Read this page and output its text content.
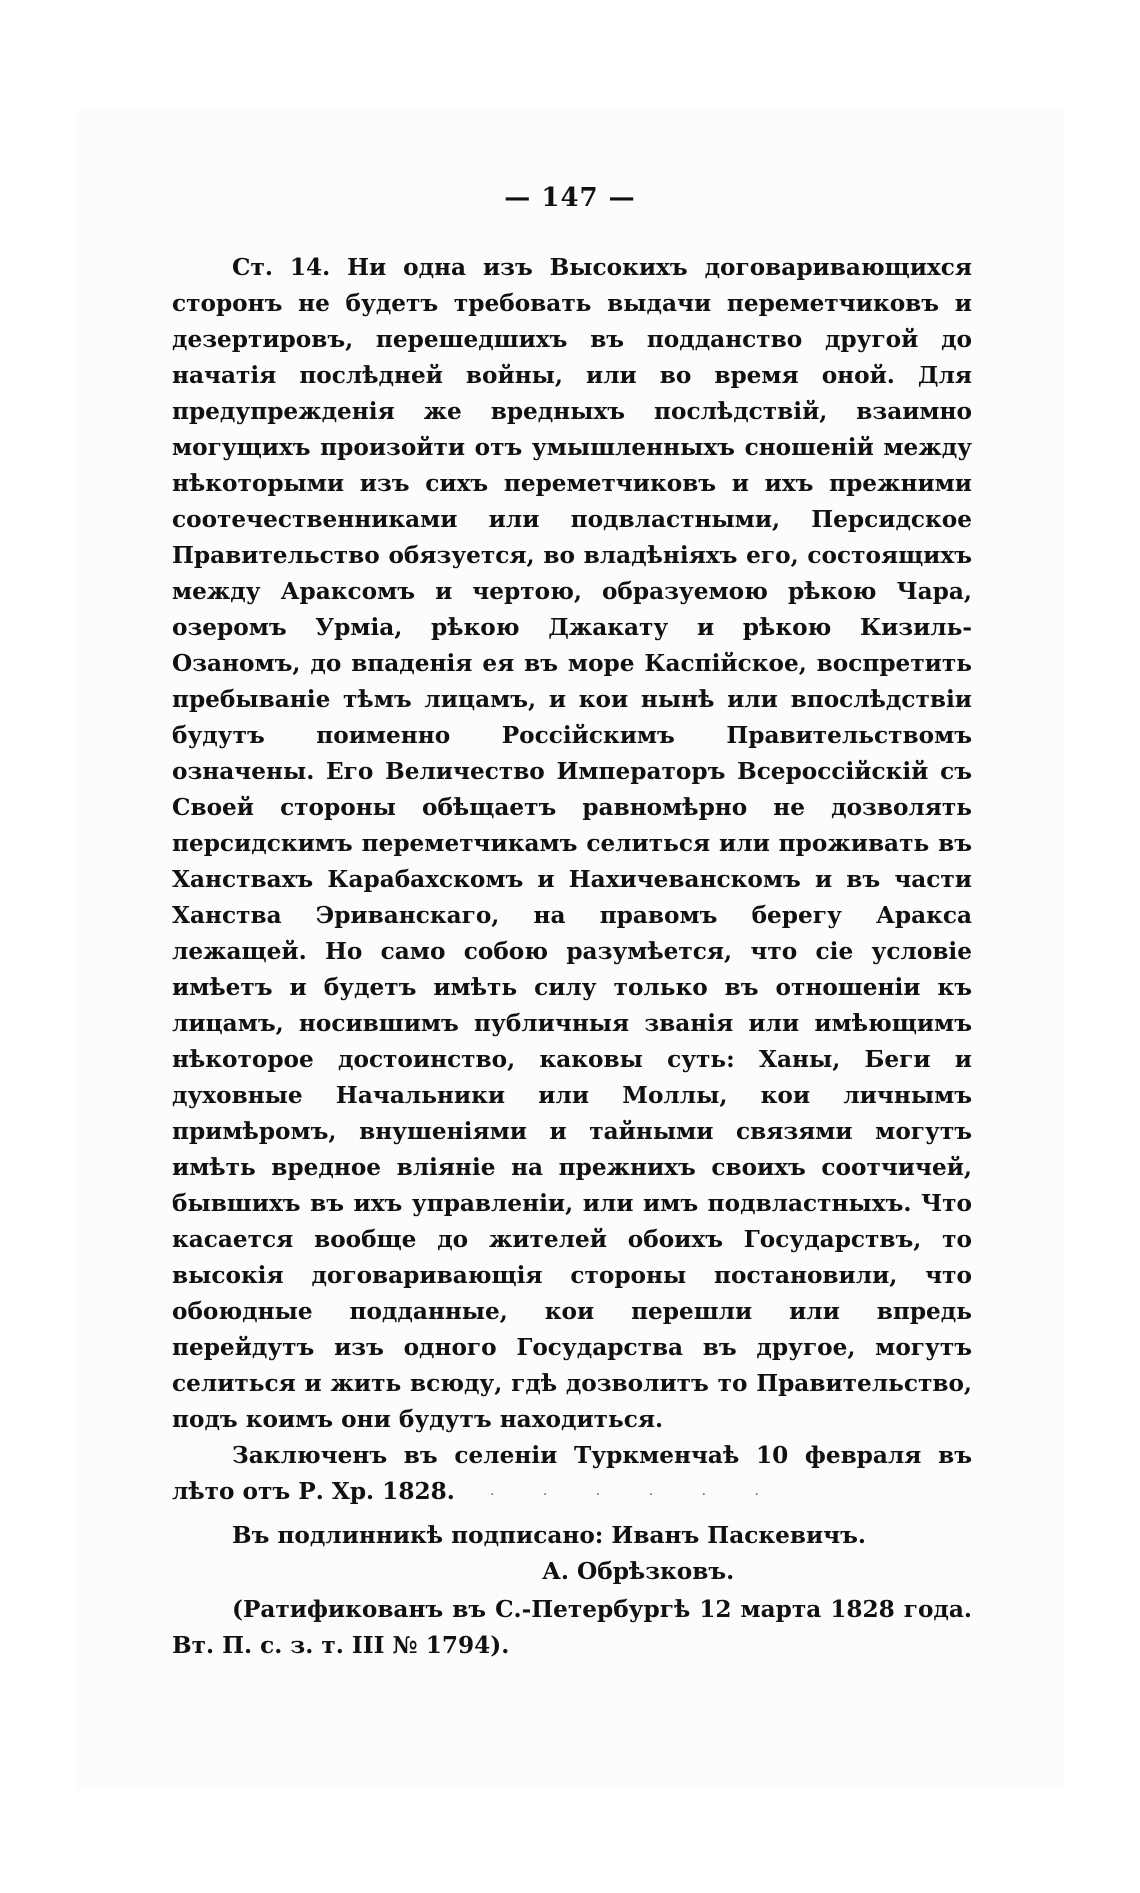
— 147 —

Ст. 14. Ни одна изъ Высокихъ договаривающихся сторонъ не будетъ требовать выдачи переметчиковъ и дезертировъ, перешедшихъ въ подданство другой до начатія послѣдней войны, или во время оной. Для предупрежденія же вредныхъ послѣдствій, взаимно могущихъ произойти отъ умышленныхъ сношеній между нѣкоторыми изъ сихъ переметчиковъ и ихъ прежними соотечественниками или подвластными, Персидское Правительство обязуется, во владѣніяхъ его, состоящихъ между Араксомъ и чертою, образуемою рѣкою Чара, озеромъ Урміа, рѣкою Джакату и рѣкою Кизиль-Озаномъ, до впаденія ея въ море Каспійское, воспретить пребываніе тѣмъ лицамъ, и кои нынѣ или впослѣдствіи будутъ поименно Россійскимъ Правительствомъ означены. Его Величество Императоръ Всероссійскій съ Своей стороны обѣщаетъ равномѣрно не дозволять персидскимъ переметчикамъ селиться или проживать въ Ханствахъ Карабахскомъ и Нахичеванскомъ и въ части Ханства Эриванскаго, на правомъ берегу Аракса лежащей. Но само собою разумѣется, что сіе условіе имѣетъ и будетъ имѣть силу только въ отношеніи къ лицамъ, носившимъ публичныя званія или имѣющимъ нѣкоторое достоинство, каковы суть: Ханы, Беги и духовные Начальники или Моллы, кои личнымъ примѣромъ, внушеніями и тайными связями могутъ имѣть вредное вліяніе на прежнихъ своихъ соотчичей, бывшихъ въ ихъ управленіи, или имъ подвластныхъ. Что касается вообще до жителей обоихъ Государствъ, то высокія договаривающія стороны постановили, что обоюдные подданные, кои перешли или впредь перейдутъ изъ одного Государства въ другое, могутъ селиться и жить всюду, гдѣ дозволитъ то Правительство, подъ коимъ они будутъ находиться.

Заключенъ въ селеніи Туркменчаѣ 10 февраля въ лѣто отъ Р. Хр. 1828.

Въ подлинникѣ подписано: Иванъ Паскевичъ.

А. Обрѣзковъ.

(Ратификованъ въ С.-Петербургѣ 12 марта 1828 года. Вт. П. с. з. т. III № 1794).

· · · · · ·
